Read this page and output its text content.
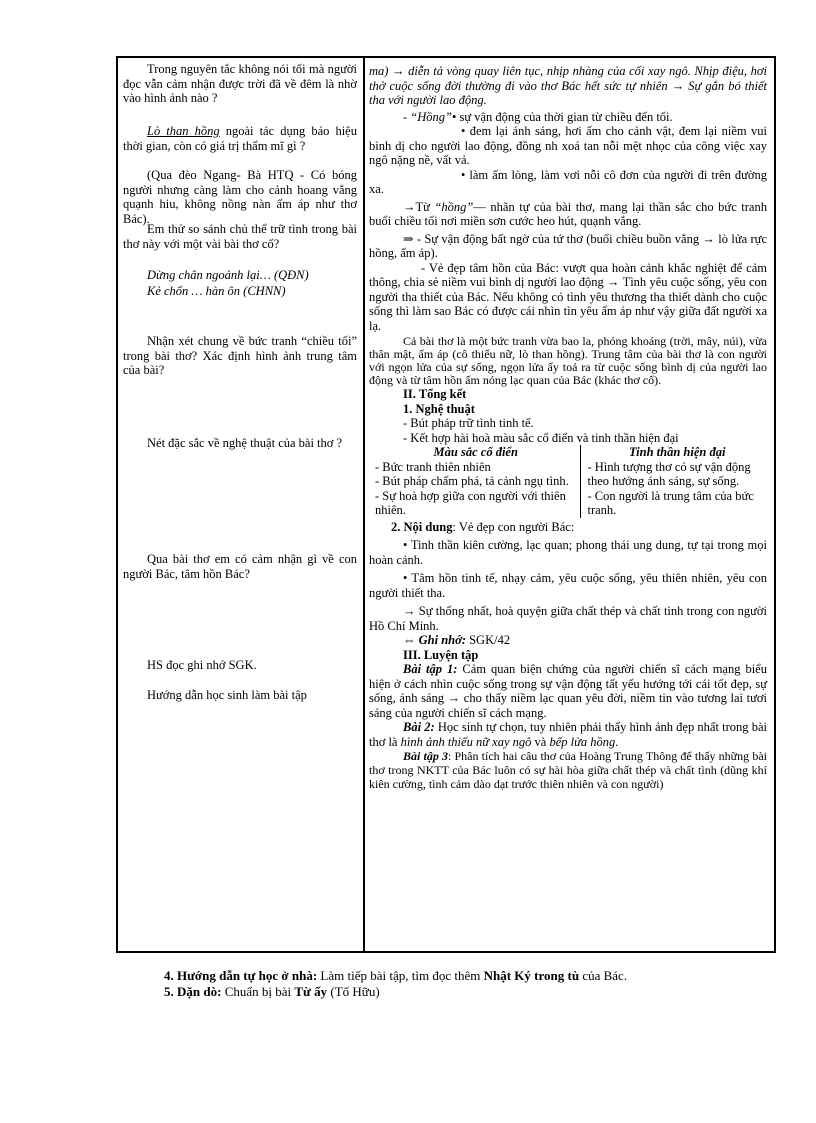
Trong nguyên tắc không nói tối mà người đọc vẫn cảm nhận được trời đã về đêm là nhờ vào hình ảnh nào ?

Lò than hồng ngoài tác dụng báo hiệu thời gian, còn có giá trị thẩm mĩ gì ?

(Qua đèo Ngang- Bà HTQ - Có bóng người nhưng càng làm cho cảnh hoang vắng quạnh hiu, không nồng nàn ấm áp như thơ Bác).

Em thử so sánh chủ thể trữ tình trong bài thơ này với một vài bài thơ cổ?

Dừng chân ngoảnh lại… (QĐN)

Kẻ chốn … hàn ôn (CHNN)

Nhận xét chung về bức tranh “chiều tối” trong bài thơ? Xác định hình ảnh trung tâm của bài?

Nét đặc sắc về nghệ thuật của bài thơ ?

Qua bài thơ em có cảm nhận gì về con người Bác, tâm hồn Bác?

HS đọc ghi nhớ SGK.

Hướng dẫn học sinh làm bài tập

ma) → diễn tả vòng quay liên tục, nhịp nhàng của cối xay ngô. Nhịp điệu, hơi thở cuộc sống đời thường đi vào thơ Bác hết sức tự nhiên → Sự gắn bó thiết tha với người lao động.

- “Hồng”• sự vận động của thời gian từ chiều đến tối.

• đem lại ánh sáng, hơi ấm cho cảnh vật, đem lại niềm vui bình dị cho người lao động, đồng nh xoá tan nỗi mệt nhọc của công việc xay ngô nặng nề, vất vả.

• làm ấm lòng, làm vơi nỗi cô đơn của người đi trên đường xa.

→Từ “hồng”— nhãn tự của bài thơ, mang lại thần sắc cho bức tranh buổi chiều tối nơi miền sơn cước heo hút, quạnh vắng.

⇒ - Sự vận động bất ngờ của tứ thơ (buổi chiều buồn vắng → lò lửa rực hồng, ấm áp).

- Vẻ đẹp tâm hồn của Bác: vượt qua hoàn cảnh khắc nghiệt để cảm thông, chia sẻ niềm vui bình dị người lao động → Tình yêu cuộc sống, yêu con người tha thiết của Bác. Nếu không có tình yêu thương tha thiết dành cho cuộc sống thì làm sao Bác có được cái nhìn tìn yêu ấm áp như vậy giữa đất người xa lạ.

Cả bài thơ là một bức tranh vừa bao la, phóng khoáng (trời, mây, núi), vừa thân mật, ấm áp (cô thiếu nữ, lò than hồng). Trung tâm của bài thơ là con người với ngọn lửa của sự sống, ngọn lửa ấy toả ra từ cuộc sống bình dị của người lao động và từ tâm hồn ấm nóng lạc quan của Bác (khác thơ cổ).

II. Tổng kết

1. Nghệ thuật

- Bút pháp trữ tình tinh tế.

- Kết hợp hài hoà màu sắc cổ điển và tinh thần hiện đại

Màu sắc cổ điển

- Bức tranh thiên nhiên

- Bút pháp chấm phá, tả cảnh ngụ tình.

- Sự hoà hợp giữa con người với thiên nhiên.

Tinh thần hiện đại

- Hình tượng thơ có sự vận động theo hướng ánh sáng, sự sống.

- Con người là trung tâm của bức tranh.

2. Nội dung: Vẻ đẹp con người Bác:

• Tinh thần kiên cường, lạc quan; phong thái ung dung, tự tại trong mọi hoàn cảnh.

• Tâm hồn tinh tế, nhạy cảm, yêu cuộc sống, yêu thiên nhiên, yêu con người thiết tha.

→ Sự thống nhất, hoà quyện giữa chất thép và chất tình trong con người Hồ Chí Minh.

⇔ Ghi nhớ: SGK/42

III. Luyện tập

Bài tập 1: Cảm quan biện chứng của người chiến sĩ cách mạng biểu hiện ở cách nhìn cuộc sống trong sự vận động tất yếu hướng tới cái tốt đẹp, sự sống, ánh sáng → cho thấy niềm lạc quan yêu đời, niềm tin vào tương lai tươi sáng của người chiến sĩ cách mạng.

Bài 2: Học sinh tự chọn, tuy nhiên phải thấy hình ảnh đẹp nhất trong bài thơ là hình ảnh thiếu nữ xay ngô và bếp lửa hồng.

Bài tập 3: Phân tích hai câu thơ của Hoàng Trung Thông để thấy những bài thơ trong NKTT của Bác luôn có sự hài hòa giữa chất thép và chất tình (dũng khí kiên cường, tình cảm dào dạt trước thiên nhiên và con người)

4. Hướng dẫn tự học ở nhà: Làm tiếp bài tập, tìm đọc thêm Nhật Ký trong tù của Bác.

5. Dặn dò: Chuẩn bị bài Từ ấy (Tố Hữu)
